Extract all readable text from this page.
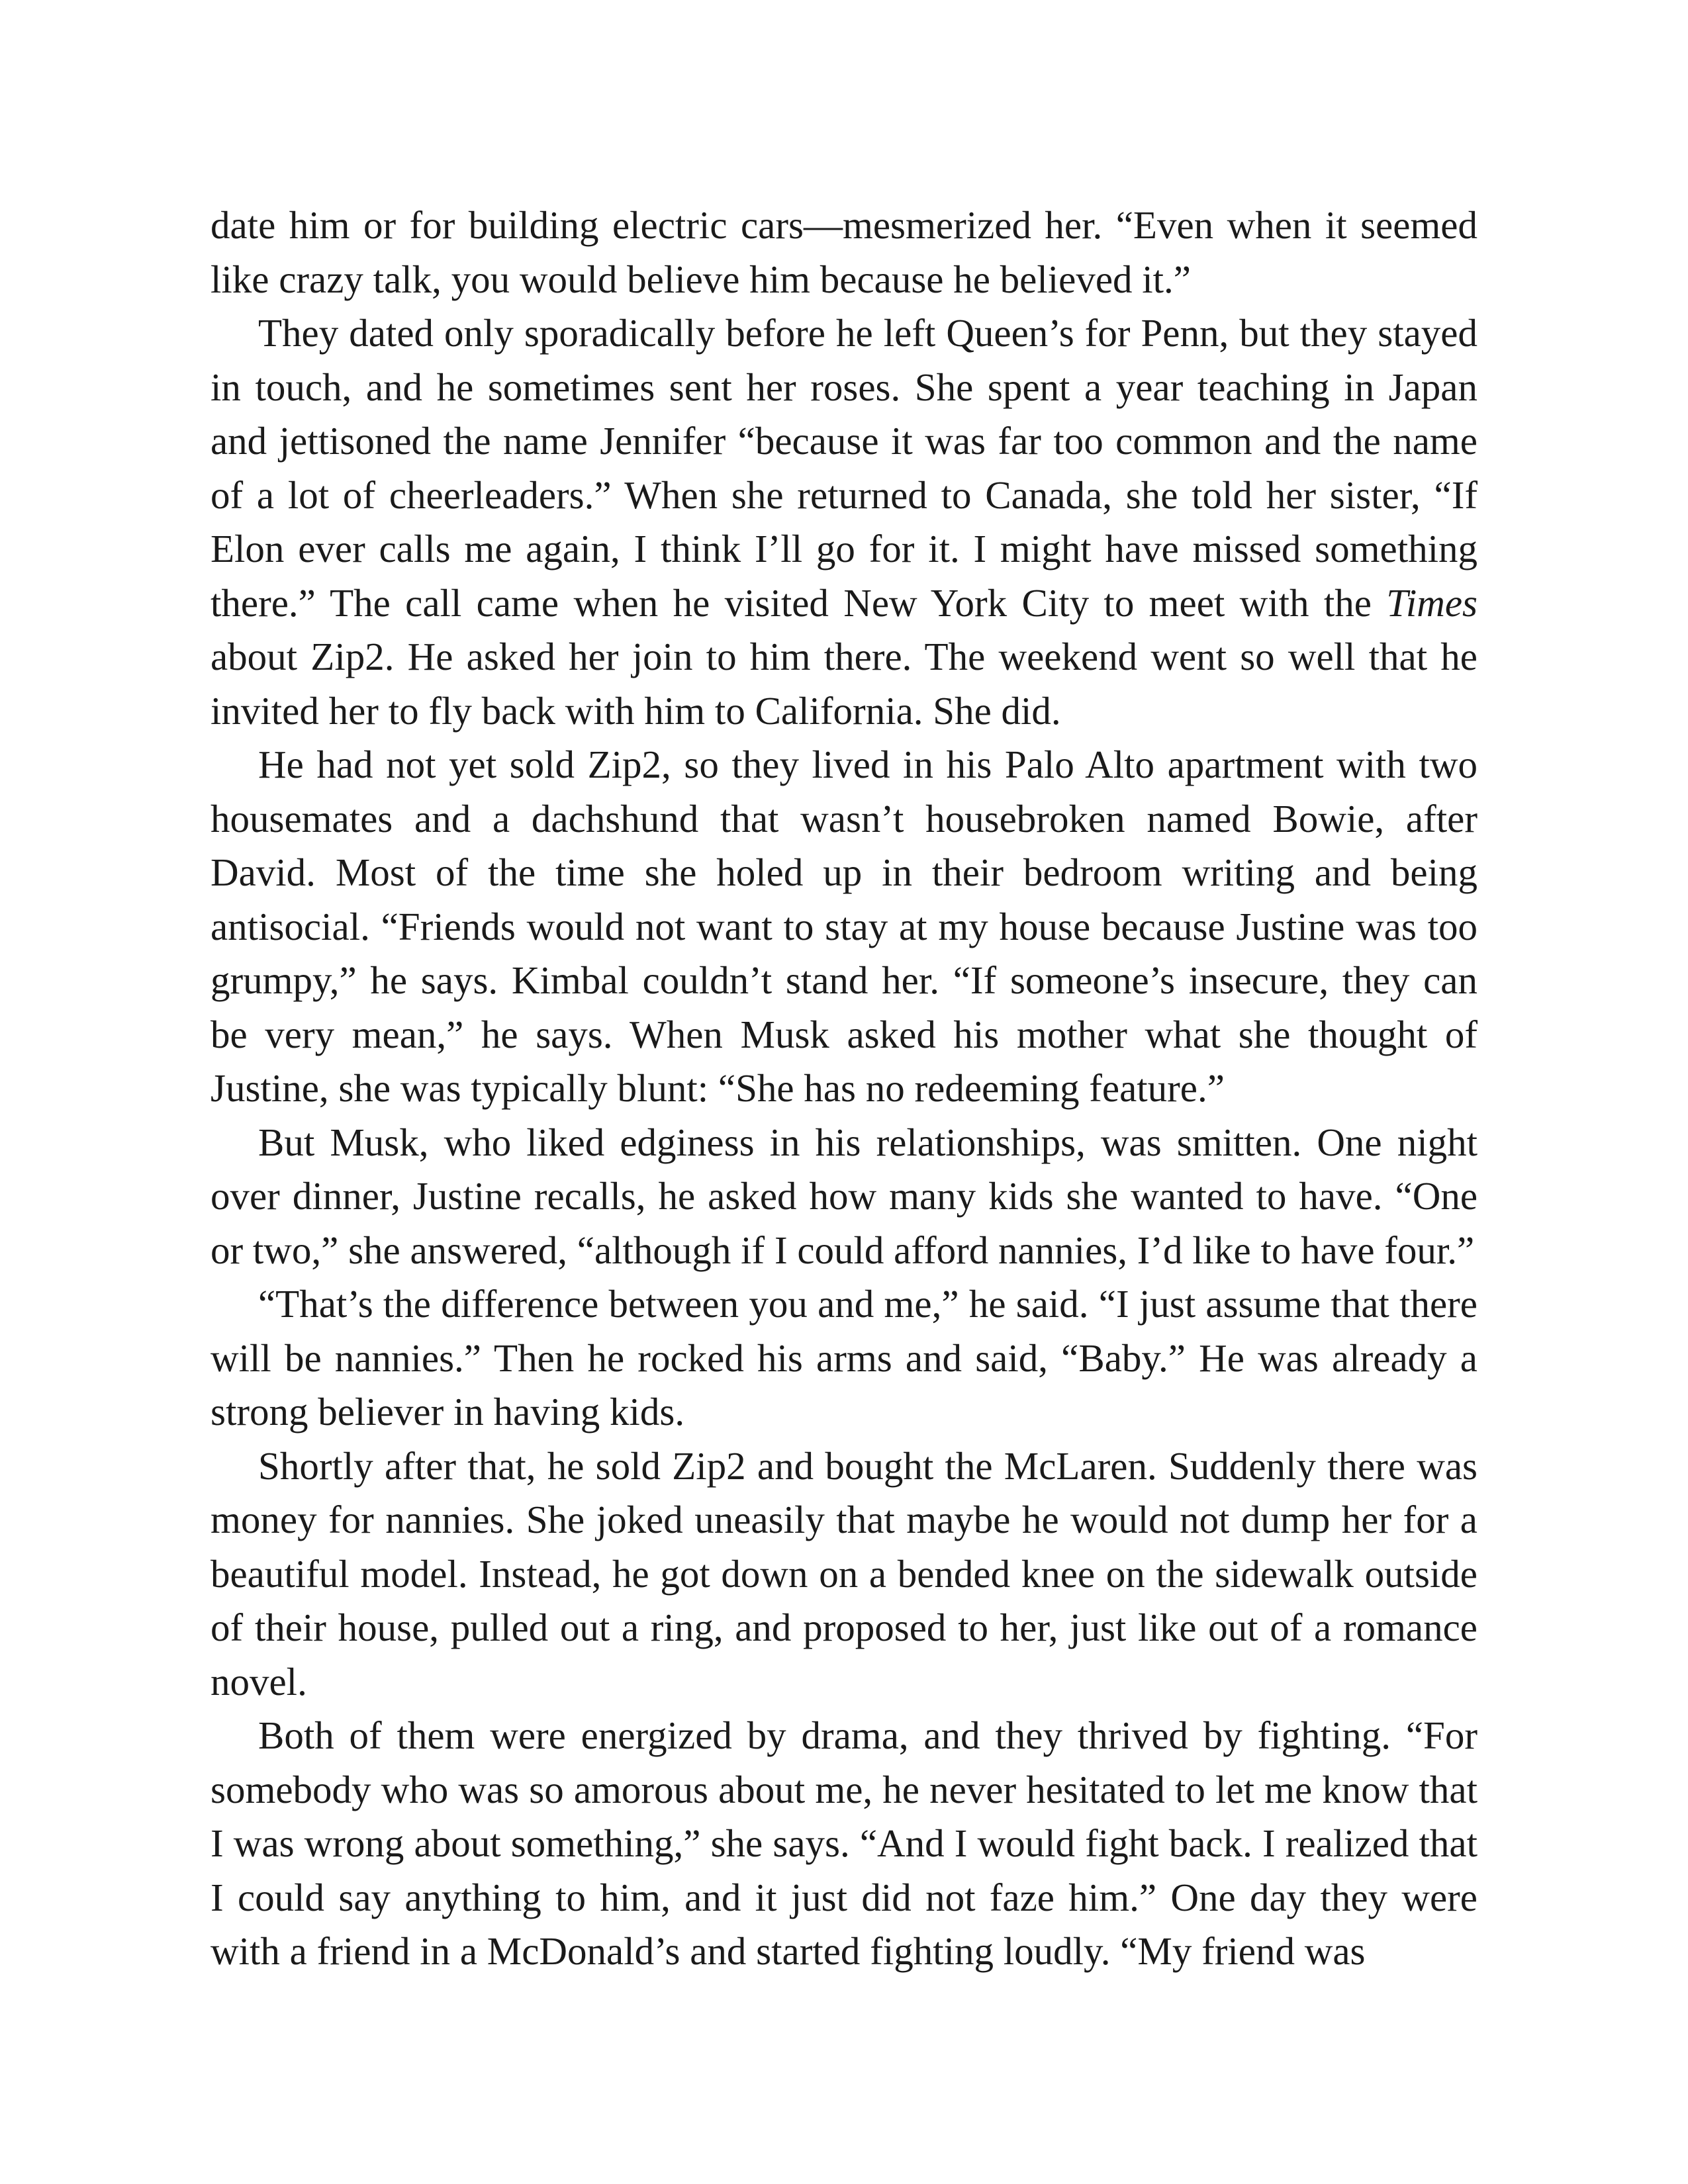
date him or for building electric cars—mesmerized her. “Even when it seemed like crazy talk, you would believe him because he believed it.”

They dated only sporadically before he left Queen’s for Penn, but they stayed in touch, and he sometimes sent her roses. She spent a year teaching in Japan and jettisoned the name Jennifer “because it was far too common and the name of a lot of cheerleaders.” When she returned to Canada, she told her sister, “If Elon ever calls me again, I think I’ll go for it. I might have missed something there.” The call came when he visited New York City to meet with the Times about Zip2. He asked her join to him there. The weekend went so well that he invited her to fly back with him to California. She did.

He had not yet sold Zip2, so they lived in his Palo Alto apartment with two housemates and a dachshund that wasn’t housebroken named Bowie, after David. Most of the time she holed up in their bedroom writing and being antisocial. “Friends would not want to stay at my house because Justine was too grumpy,” he says. Kimbal couldn’t stand her. “If someone’s insecure, they can be very mean,” he says. When Musk asked his mother what she thought of Justine, she was typically blunt: “She has no redeeming feature.”

But Musk, who liked edginess in his relationships, was smitten. One night over dinner, Justine recalls, he asked how many kids she wanted to have. “One or two,” she answered, “although if I could afford nannies, I’d like to have four.”

“That’s the difference between you and me,” he said. “I just assume that there will be nannies.” Then he rocked his arms and said, “Baby.” He was already a strong believer in having kids.

Shortly after that, he sold Zip2 and bought the McLaren. Suddenly there was money for nannies. She joked uneasily that maybe he would not dump her for a beautiful model. Instead, he got down on a bended knee on the sidewalk outside of their house, pulled out a ring, and proposed to her, just like out of a romance novel.

Both of them were energized by drama, and they thrived by fighting. “For somebody who was so amorous about me, he never hesitated to let me know that I was wrong about something,” she says. “And I would fight back. I realized that I could say anything to him, and it just did not faze him.” One day they were with a friend in a McDonald’s and started fighting loudly. “My friend was
